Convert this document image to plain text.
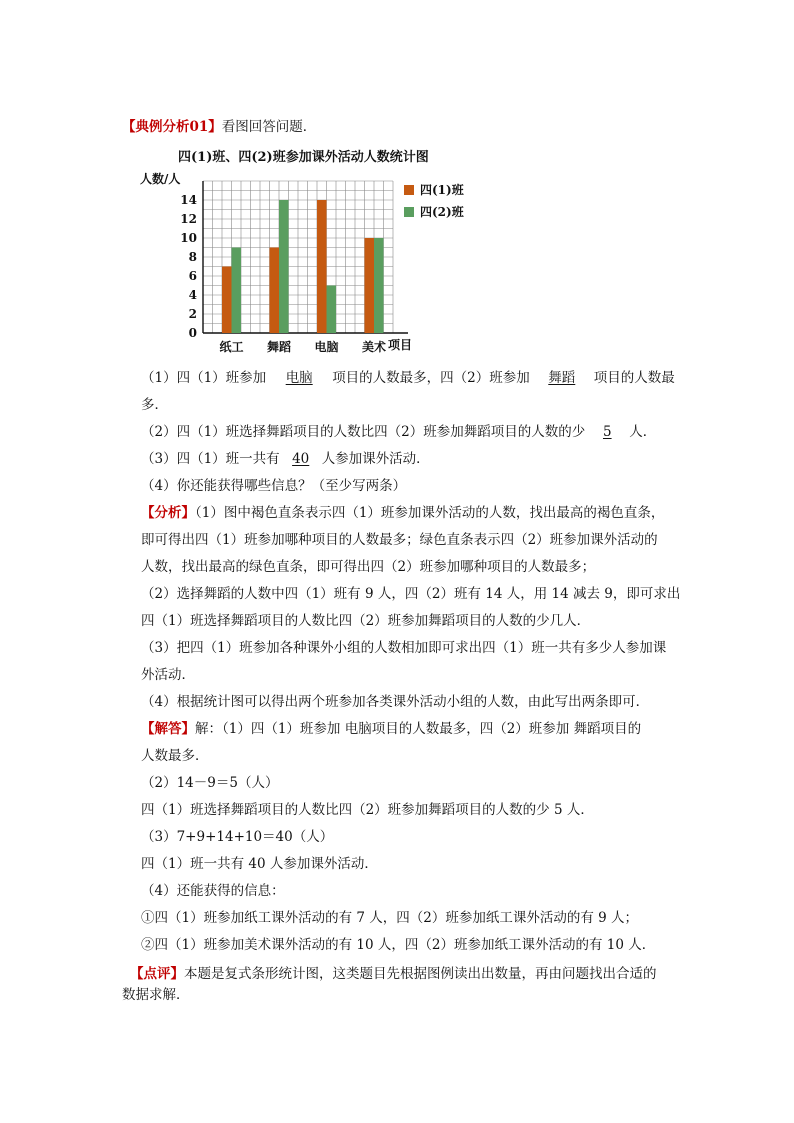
【典例分析01】看图回答问题．
四(1)班、四(2)班参加课外活动人数统计图
人数/人
项目
0
2
4
6
8
10
12
14
纸工 舞蹈 电脑 美术
四(1)班
四(2)班
（1）四（1）班参加 电脑 项目的人数最多，四（2）班参加 舞蹈 项目的人数最
多．
（2）四（1）班选择舞蹈项目的人数比四（2）班参加舞蹈项目的人数的少 5 人．
（3）四（1）班一共有 40 人参加课外活动．
（4）你还能获得哪些信息？（至少写两条）
【分析】（1）图中褐色直条表示四（1）班参加课外活动的人数，找出最高的褐色直条，
即可得出四（1）班参加哪种项目的人数最多；绿色直条表示四（2）班参加课外活动的
人数，找出最高的绿色直条，即可得出四（2）班参加哪种项目的人数最多；
（2）选择舞蹈的人数中四（1）班有 9 人，四（2）班有 14 人，用 14 减去 9，即可求出
四（1）班选择舞蹈项目的人数比四（2）班参加舞蹈项目的人数的少几人．
（3）把四（1）班参加各种课外小组的人数相加即可求出四（1）班一共有多少人参加课
外活动．
（4）根据统计图可以得出两个班参加各类课外活动小组的人数，由此写出两条即可．
【解答】解：（1）四（1）班参加 电脑项目的人数最多，四（2）班参加 舞蹈项目的
人数最多．
（2）14－9＝5（人）
四（1）班选择舞蹈项目的人数比四（2）班参加舞蹈项目的人数的少 5 人．
（3）7+9+14+10＝40（人）
四（1）班一共有 40 人参加课外活动．
（4）还能获得的信息：
①四（1）班参加纸工课外活动的有 7 人，四（2）班参加纸工课外活动的有 9 人；
②四（1）班参加美术课外活动的有 10 人，四（2）班参加纸工课外活动的有 10 人．
【点评】本题是复式条形统计图，这类题目先根据图例读出出数量，再由问题找出合适的
数据求解．
